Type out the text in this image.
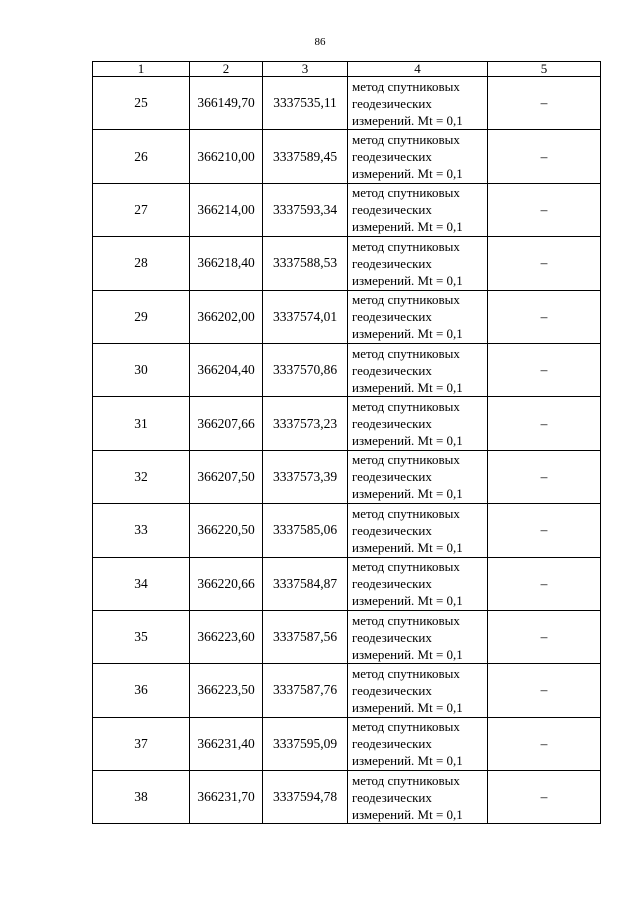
86
1	2	3	4	5
25	366149,70	3337535,11	метод спутниковых
геодезических
измерений. Mt = 0,1	–
26	366210,00	3337589,45	метод спутниковых
геодезических
измерений. Mt = 0,1	–
27	366214,00	3337593,34	метод спутниковых
геодезических
измерений. Mt = 0,1	–
28	366218,40	3337588,53	метод спутниковых
геодезических
измерений. Mt = 0,1	–
29	366202,00	3337574,01	метод спутниковых
геодезических
измерений. Mt = 0,1	–
30	366204,40	3337570,86	метод спутниковых
геодезических
измерений. Mt = 0,1	–
31	366207,66	3337573,23	метод спутниковых
геодезических
измерений. Mt = 0,1	–
32	366207,50	3337573,39	метод спутниковых
геодезических
измерений. Mt = 0,1	–
33	366220,50	3337585,06	метод спутниковых
геодезических
измерений. Mt = 0,1	–
34	366220,66	3337584,87	метод спутниковых
геодезических
измерений. Mt = 0,1	–
35	366223,60	3337587,56	метод спутниковых
геодезических
измерений. Mt = 0,1	–
36	366223,50	3337587,76	метод спутниковых
геодезических
измерений. Mt = 0,1	–
37	366231,40	3337595,09	метод спутниковых
геодезических
измерений. Mt = 0,1	–
38	366231,70	3337594,78	метод спутниковых
геодезических
измерений. Mt = 0,1	–
